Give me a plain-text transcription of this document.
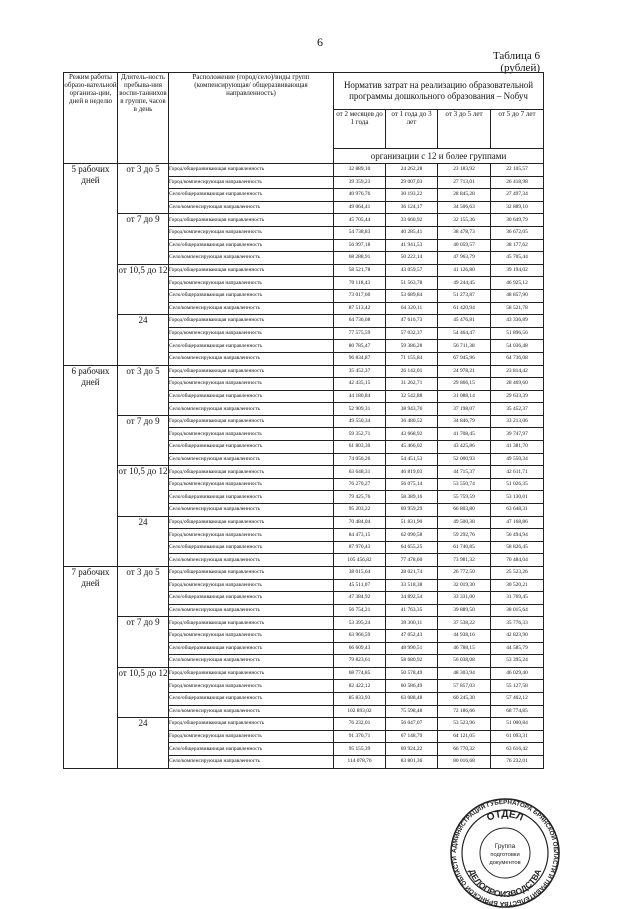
6
Таблица 6
(рублей)
Режим работы образо-вательной организа-ции, дней в неделю	Длитель-ность пребыва-ния воспи-таннихов в группе, часов в день	Расположение (город/село)/виды групп (компенсирующая/ общеразвивающая направленность)	Норматив затрат на реализацию образовательной программы дошкольного образования – Nобуч			
			от 2 месяцев до 1 года	от 1 года до 3 лет	от 3 до 5 лет	от 5 до 7 лет
			организации с 12 и более группами			
5 рабочих дней	от 3 до 5	Город/общеразвивающая направленность	32 889,10	24 262,28	23 183,92	22 105,57
		Город/компенсирующая направленность	39 359,23	29 007,03	27 713,01	26 418,98
		Село/общеразвивающая направленность	40 976,76	30 193,22	28 845,28	27 497,34
		Село/компенсирующая направленность	49 064,41	36 124,17	34 506,63	32 889,10
	от 7 до 9	Город/общеразвивающая направленность	45 705,44	33 660,92	32 155,36	30 649,79
		Город/компенсирующая направленность	54 738,83	40 285,41	38 478,73	36 672,05
		Село/общеразвивающая направленность	56 997,18	41 941,53	40 059,57	38 177,62
		Село/компенсирующая направленность	68 288,91	50 222,14	47 963,79	45 705,44
	от 10,5 до 12	Город/общеразвивающая направленность	58 521,78	43 059,57	41 126,80	39 194,02
		Город/компенсирующая направленность	70 118,43	51 563,78	49 244,45	46 925,12
		Село/общеразвивающая направленность	73 017,60	53 689,84	51 273,87	48 857,90
		Село/компенсирующая направленность	87 513,42	64 320,11	61 420,94	58 521,78
	24	Город/общеразвивающая направленность	64 736,08	47 616,73	45 476,81	43 336,89
		Город/компенсирующая направленность	77 575,59	57 032,37	54 464,47	51 896,56
		Село/общеразвивающая направленность	80 785,47	59 386,28	56 711,38	54 036,48
		Село/компенсирующая направленность	96 834,87	71 155,84	67 945,96	64 736,08
6 рабочих дней	от 3 до 5	Город/общеразвивающая направленность	35 452,37	26 142,01	24 978,21	23 814,42
		Город/компенсирующая направленность	42 435,15	31 262,71	29 866,15	28 469,60
		Село/общеразвивающая направленность	44 180,84	32 542,88	31 088,14	29 633,39
		Село/компенсирующая направленность	52 909,31	38 943,76	37 198,07	35 452,37
	от 7 до 9	Город/общеразвивающая направленность	49 550,34	36 480,52	34 846,79	33 213,06
		Город/компенсирующая направленность	59 352,71	43 668,92	41 708,45	39 747,97
		Село/общеразвивающая направленность	61 803,30	45 466,02	43 425,86	41 381,70
		Село/компенсирующая направленность	74 056,26	54 451,53	52 000,93	49 550,34
	от 10,5 до 12	Город/общеразвивающая направленность	63 648,31	46 819,03	44 715,37	42 611,71
		Город/компенсирующая направленность	76 270,27	56 075,14	53 550,74	51 026,35
		Село/общеразвивающая направленность	79 425,76	58 389,16	55 759,59	53 130,01
		Село/компенсирующая направленность	95 203,22	69 959,29	66 803,80	63 648,31
	24	Город/общеразвивающая направленность	70 484,04	51 831,90	49 500,38	47 168,86
		Город/компенсирующая направленность	84 473,15	62 090,58	59 292,76	56 494,94
		Село/общеразвивающая направленность	87 970,43	64 655,25	61 740,85	58 826,45
		Село/компенсирующая направленность	105 456,82	77 478,60	73 981,32	70 484,04
7 рабочих дней	от 3 до 5	Город/общеразвивающая направленность	38 015,64	28 021,74	26 772,50	25 523,26
		Город/компенсирующая направленность	45 511,07	33 518,38	32 019,30	30 520,21
		Село/общеразвивающая направленность	47 384,92	34 892,54	33 331,00	31 769,45
		Село/компенсирующая направленность	56 754,21	41 763,35	39 889,50	38 015,64
	от 7 до 9	Город/общеразвивающая направленность	53 395,24	39 300,11	37 538,22	35 776,33
		Город/компенсирующая направленность	63 966,59	47 052,43	44 938,16	42 823,90
		Село/общеразвивающая направленность	66 609,43	48 990,51	46 788,15	44 585,79
		Село/компенсирующая направленность	79 823,61	58 680,92	56 038,08	53 395,24
	от 10,5 до 12	Город/общеразвивающая направленность	68 774,85	50 578,49	48 303,94	46 029,40
		Город/компенсирующая направленность	82 422,12	60 586,49	57 857,03	55 127,58
		Село/общеразвивающая направленность	85 833,93	63 088,48	60 245,30	57 402,12
		Село/компенсирующая направленность	102 893,02	75 598,48	72 186,66	68 774,85
	24	Город/общеразвивающая направленность	76 232,01	56 047,07	53 523,96	51 000,84
		Город/компенсирующая направленность	91 370,71	67 148,79	64 121,05	61 093,31
		Село/общеразвивающая направленность	95 155,39	69 924,22	66 770,32	63 616,42
		Село/компенсирующая направленность	114 078,76	83 801,36	80 016,68	76 232,01
АДМИНИСТРАЦИЯ ГУБЕРНАТОРА БРЯНСКОЙ ОБЛАСТИ И ПРАВИТЕЛЬСТВА БРЯНСКОЙ ОБЛАСТИ
ОТДЕЛ
ДЕЛОПРОИЗВОДСТВА
Группа
подготовки
документов
